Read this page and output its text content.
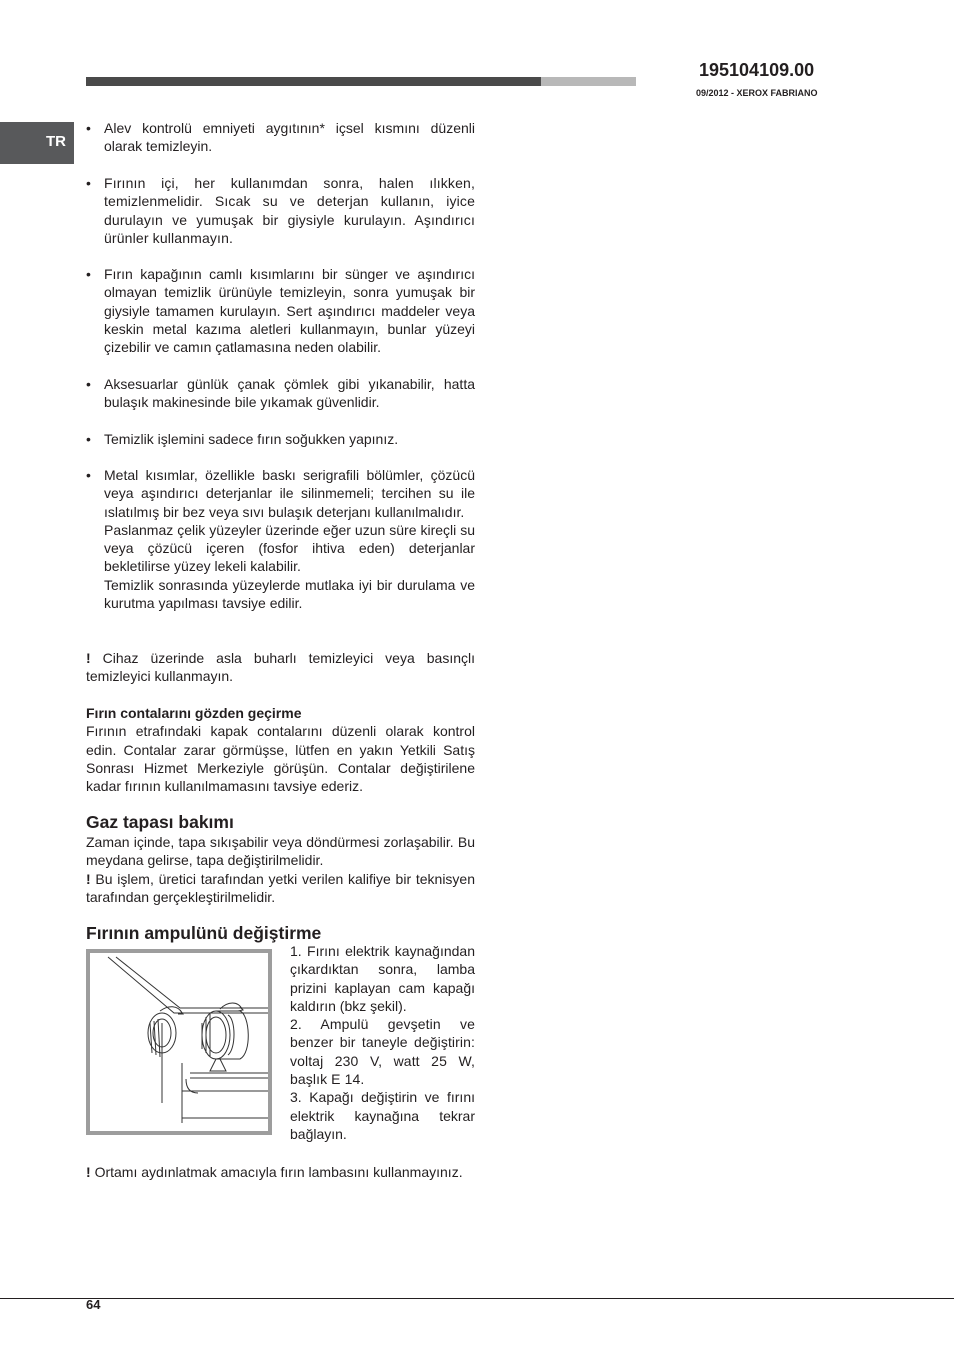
195104109.00
09/2012 - XEROX FABRIANO
TR
• Alev kontrolü emniyeti aygıtının* içsel kısmını düzenli olarak temizleyin.
• Fırının içi, her kullanımdan sonra, halen ılıkken, temizlenmelidir. Sıcak su ve deterjan kullanın, iyice durulayın ve yumuşak bir giysiyle kurulayın. Aşındırıcı ürünler kullanmayın.
• Fırın kapağının camlı kısımlarını bir sünger ve aşındırıcı olmayan temizlik ürünüyle temizleyin, sonra yumuşak bir giysiyle tamamen kurulayın. Sert aşındırıcı maddeler veya keskin metal kazıma aletleri kullanmayın, bunlar yüzeyi çizebilir ve camın çatlamasına neden olabilir.
• Aksesuarlar günlük çanak çömlek gibi yıkanabilir, hatta bulaşık makinesinde bile yıkamak güvenlidir.
• Temizlik işlemini sadece fırın soğukken yapınız.
• Metal kısımlar, özellikle baskı serigrafili bölümler, çözücü veya aşındırıcı deterjanlar ile silinmemeli; tercihen su ile ıslatılmış bir bez veya sıvı bulaşık deterjanı kullanılmalıdır.
Paslanmaz çelik yüzeyler üzerinde eğer uzun süre kireçli su veya çözücü içeren (fosfor ihtiva eden) deterjanlar bekletilirse yüzey lekeli kalabilir.
Temizlik sonrasında yüzeylerde mutlaka iyi bir durulama ve kurutma yapılması tavsiye edilir.
! Cihaz üzerinde asla buharlı temizleyici veya basınçlı temizleyici kullanmayın.
Fırın contalarını gözden geçirme
Fırının etrafındaki kapak contalarını düzenli olarak kontrol edin. Contalar zarar görmüşse, lütfen en yakın Yetkili Satış Sonrası Hizmet Merkeziyle görüşün. Contalar değiştirilene kadar fırının kullanılmamasını tavsiye ederiz.
Gaz tapası bakımı
Zaman içinde, tapa sıkışabilir veya döndürmesi zorlaşabilir. Bu meydana gelirse, tapa değiştirilmelidir.
! Bu işlem, üretici tarafından yetki verilen kalifiye bir teknisyen tarafından gerçekleştirilmelidir.
Fırının ampulünü değiştirme
1. Fırını elektrik kaynağından çıkardıktan sonra, lamba prizini kaplayan cam kapağı kaldırın (bkz şekil).
2. Ampulü gevşetin ve benzer bir taneyle değiştirin: voltaj 230 V, watt 25 W, başlık E 14.
3. Kapağı değiştirin ve fırını elektrik kaynağına tekrar bağlayın.
! Ortamı aydınlatmak amacıyla fırın lambasını kullanmayınız.
64
